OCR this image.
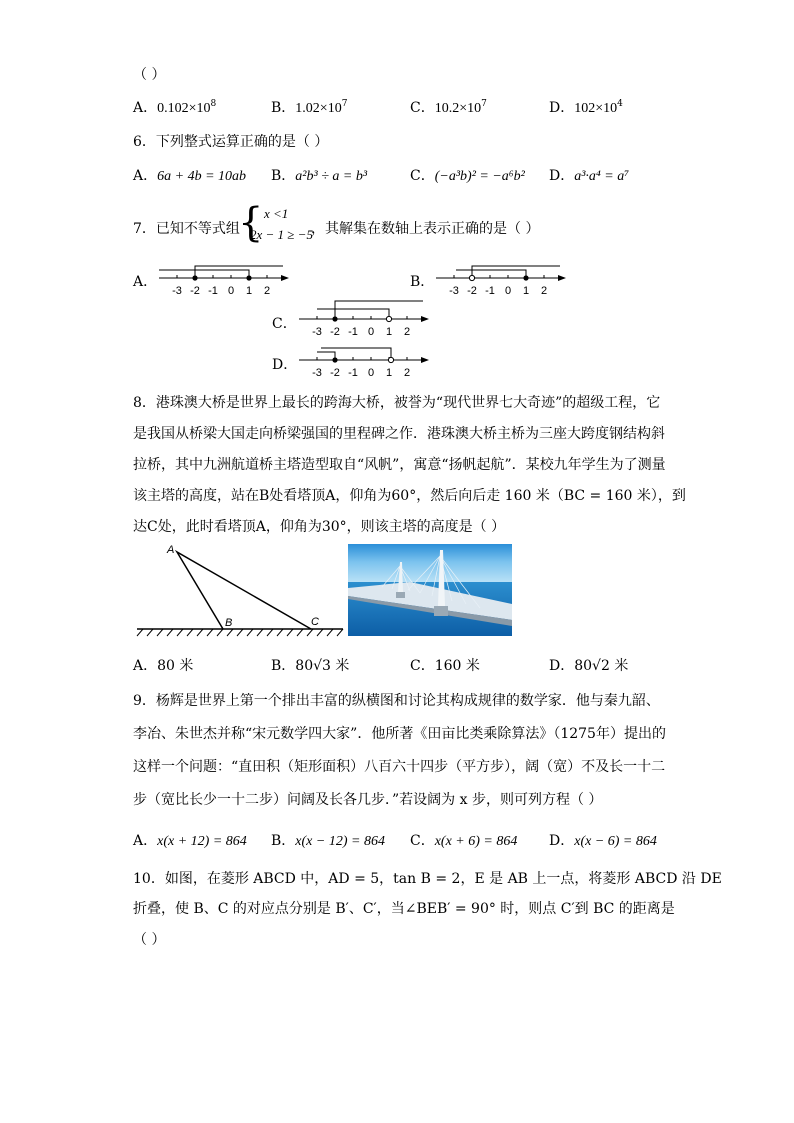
（ ）
A．$0.102\times 10^8$	B．$1.02\times 10^7$	C．$10.2\times 10^7$	D．$102\times 10^4$
6．下列整式运算正确的是（ ）
A．6a + 4b = 10ab B．a²b³ ÷ a = b³	C．(−a³b)² = −a⁶b² D．a³·a⁴ = a⁷
7．已知不等式组
{ x <1
2x − 1 ≥ −5
，其解集在数轴上表示正确的是（ ）
A．
-3 -2 -1 0 1 2
B．
-3 -2 -1 0 1 2
C． -3 -2 -1 0 1 2
D． -3 -2 -1 0 1 2
8．港珠澳大桥是世界上最长的跨海大桥，被誉为“现代世界七大奇迹”的超级工程，它
是我国从桥梁大国走向桥梁强国的里程碑之作．港珠澳大桥主桥为三座大跨度钢结构斜
拉桥，其中九洲航道桥主塔造型取自“风帆”，寓意“扬帆起航”．某校九年学生为了测量
该主塔的高度，站在B处看塔顶A，仰角为60°，然后向后走 160 米（BC = 160 米），到
达C处，此时看塔顶A，仰角为30°，则该主塔的高度是（ ）
A
B	C
A．80 米	B．80√3 米	C．160 米	D．80√2 米
9．杨辉是世界上第一个排出丰富的纵横图和讨论其构成规律的数学家．他与秦九韶、
李冶、朱世杰并称“宋元数学四大家”．他所著《田亩比类乘除算法》（1275年）提出的
这样一个问题：“直田积（矩形面积）八百六十四步（平方步），阔（宽）不及长一十二
步（宽比长少一十二步）问阔及长各几步．”若设阔为 x 步，则可列方程（ ）
A．x(x + 12) = 864 B．x(x − 12) = 864 C．x(x + 6) = 864 D．x(x − 6) = 864
10．如图，在菱形 ABCD 中，AD = 5，tan B = 2，E 是 AB 上一点，将菱形 ABCD 沿 DE
折叠，使 B、C 的对应点分别是 B′、C′，当∠BEB′ = 90° 时，则点 C′到 BC 的距离是
（ ）
